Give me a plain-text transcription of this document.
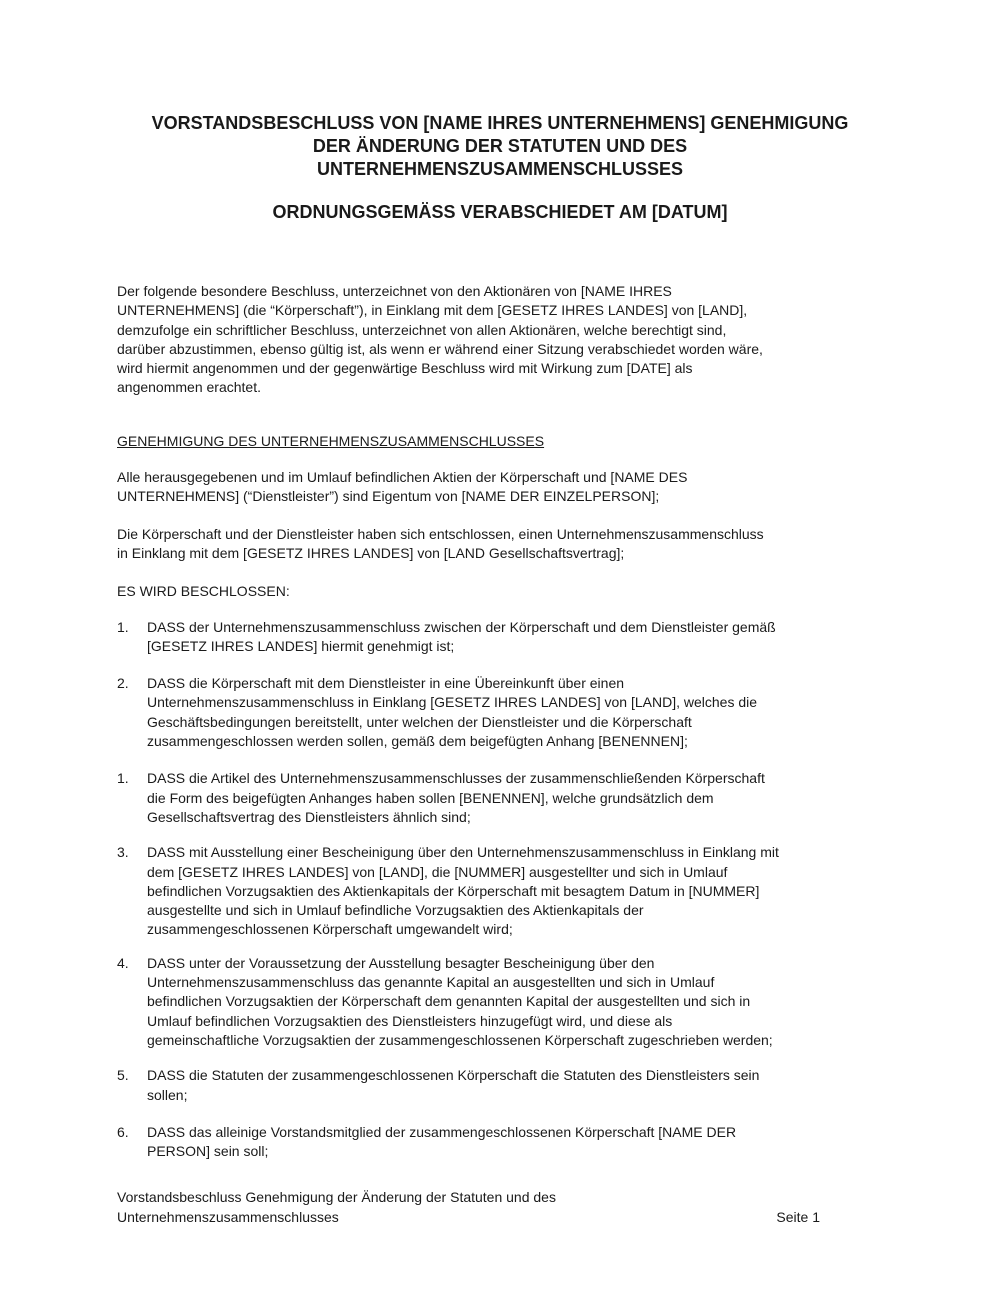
VORSTANDSBESCHLUSS VON [NAME IHRES UNTERNEHMENS] GENEHMIGUNG
DER ÄNDERUNG DER STATUTEN UND DES
UNTERNEHMENSZUSAMMENSCHLUSSES
ORDNUNGSGEMÄSS VERABSCHIEDET AM [DATUM]

Der folgende besondere Beschluss, unterzeichnet von den Aktionären von [NAME IHRES
UNTERNEHMENS] (die “Körperschaft”), in Einklang mit dem [GESETZ IHRES LANDES] von [LAND],
demzufolge ein schriftlicher Beschluss, unterzeichnet von allen Aktionären, welche berechtigt sind,
darüber abzustimmen, ebenso gültig ist, als wenn er während einer Sitzung verabschiedet worden wäre,
wird hiermit angenommen und der gegenwärtige Beschluss wird mit Wirkung zum [DATE] als
angenommen erachtet.

GENEHMIGUNG DES UNTERNEHMENSZUSAMMENSCHLUSSES

Alle herausgegebenen und im Umlauf befindlichen Aktien der Körperschaft und [NAME DES
UNTERNEHMENS] (“Dienstleister”) sind Eigentum von [NAME DER EINZELPERSON];

Die Körperschaft und der Dienstleister haben sich entschlossen, einen Unternehmenszusammenschluss
in Einklang mit dem [GESETZ IHRES LANDES] von [LAND Gesellschaftsvertrag];

ES WIRD BESCHLOSSEN:

1.	DASS der Unternehmenszusammenschluss zwischen der Körperschaft und dem Dienstleister gemäß
[GESETZ IHRES LANDES] hiermit genehmigt ist;
2.	DASS die Körperschaft mit dem Dienstleister in eine Übereinkunft über einen
Unternehmenszusammenschluss in Einklang [GESETZ IHRES LANDES] von [LAND], welches die
Geschäftsbedingungen bereitstellt, unter welchen der Dienstleister und die Körperschaft
zusammengeschlossen werden sollen, gemäß dem beigefügten Anhang [BENENNEN];
1.	DASS die Artikel des Unternehmenszusammenschlusses der zusammenschließenden Körperschaft
die Form des beigefügten Anhanges haben sollen [BENENNEN], welche grundsätzlich dem
Gesellschaftsvertrag des Dienstleisters ähnlich sind;
3.	DASS mit Ausstellung einer Bescheinigung über den Unternehmenszusammenschluss in Einklang mit
dem [GESETZ IHRES LANDES] von [LAND], die [NUMMER] ausgestellter und sich in Umlauf
befindlichen Vorzugsaktien des Aktienkapitals der Körperschaft mit besagtem Datum in [NUMMER]
ausgestellte und sich in Umlauf befindliche Vorzugsaktien des Aktienkapitals der
zusammengeschlossenen Körperschaft umgewandelt wird;
4.	DASS unter der Voraussetzung der Ausstellung besagter Bescheinigung über den
Unternehmenszusammenschluss das genannte Kapital an ausgestellten und sich in Umlauf
befindlichen Vorzugsaktien der Körperschaft dem genannten Kapital der ausgestellten und sich in
Umlauf befindlichen Vorzugsaktien des Dienstleisters hinzugefügt wird, und diese als
gemeinschaftliche Vorzugsaktien der zusammengeschlossenen Körperschaft zugeschrieben werden;
5.	DASS die Statuten der zusammengeschlossenen Körperschaft die Statuten des Dienstleisters sein
sollen;
6.	DASS das alleinige Vorstandsmitglied der zusammengeschlossenen Körperschaft [NAME DER
PERSON] sein soll;
Vorstandsbeschluss Genehmigung der Änderung der Statuten und des
Unternehmenszusammenschlusses	Seite 1
